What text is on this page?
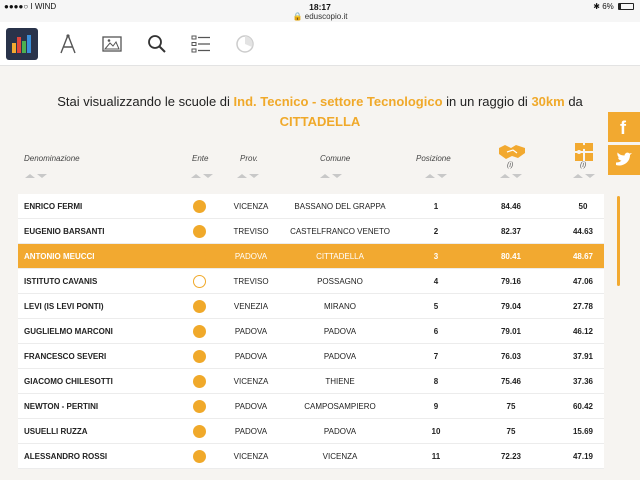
●●●●○ I WIND	18:17
🔒 eduscopio.it
✱ 6%
Stai visualizzando le scuole di Ind. Tecnico - settore Tecnologico in un raggio di 30km da
CITTADELLA	f
Denominazione	Ente	Prov.	Comune	Posizione
(i)	(i)
ENRICO FERMI	VICENZA	BASSANO DEL GRAPPA	1	84.46	50
EUGENIO BARSANTI	TREVISO	CASTELFRANCO VENETO	2	82.37	44.63
ANTONIO MEUCCI	PADOVA	CITTADELLA	3	80.41	48.67
ISTITUTO CAVANIS	TREVISO	POSSAGNO	4	79.16	47.06
LEVI (IS LEVI PONTI)	VENEZIA	MIRANO	5	79.04	27.78
GUGLIELMO MARCONI	PADOVA	PADOVA	6	79.01	46.12
FRANCESCO SEVERI	PADOVA	PADOVA	7	76.03	37.91
GIACOMO CHILESOTTI	VICENZA	THIENE	8	75.46	37.36
NEWTON - PERTINI	PADOVA	CAMPOSAMPIERO	9	75	60.42
USUELLI RUZZA	PADOVA	PADOVA	10	75	15.69
ALESSANDRO ROSSI	VICENZA	VICENZA	11	72.23	47.19
